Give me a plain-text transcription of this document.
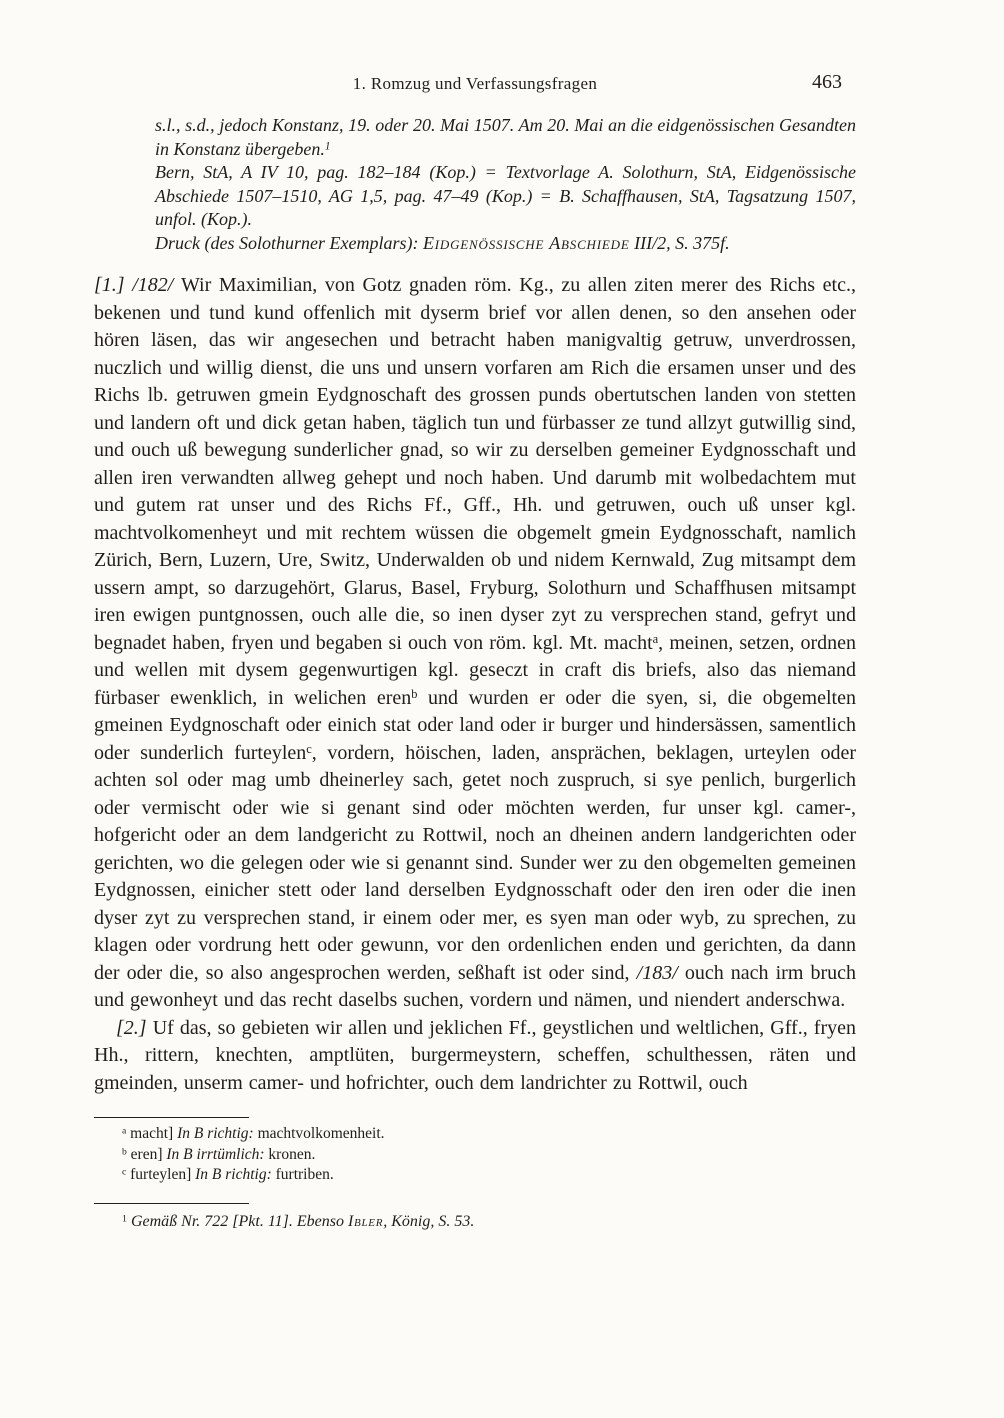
1. Romzug und Verfassungsfragen	463

s.l., s.d., jedoch Konstanz, 19. oder 20. Mai 1507. Am 20. Mai an die eidgenössischen Gesandten in Konstanz übergeben.$^1$

Bern, StA, A IV 10, pag. 182–184 (Kop.) = Textvorlage A. Solothurn, StA, Eidgenössische Abschiede 1507–1510, AG 1,5, pag. 47–49 (Kop.) = B. Schaffhausen, StA, Tagsatzung 1507, unfol. (Kop.).

Druck (des Solothurner Exemplars): Eidgenössische Abschiede III/2, S. 375f.

[1.] /182/ Wir Maximilian, von Gotz gnaden röm. Kg., zu allen ziten merer des Richs etc., bekenen und tund kund offenlich mit dyserm brief vor allen denen, so den ansehen oder hören läsen, das wir angesechen und betracht haben manigvaltig getruw, unverdrossen, nuczlich und willig dienst, die uns und unsern vorfaren am Rich die ersamen unser und des Richs lb. getruwen gmein Eydgnoschaft des grossen punds obertutschen landen von stetten und landern oft und dick getan haben, täglich tun und fürbasser ze tund allzyt gutwillig sind, und ouch uß bewegung sunderlicher gnad, so wir zu derselben gemeiner Eydgnosschaft und allen iren verwandten allweg gehept und noch haben. Und darumb mit wolbedachtem mut und gutem rat unser und des Richs Ff., Gff., Hh. und getruwen, ouch uß unser kgl. machtvolkomenheyt und mit rechtem wüssen die obgemelt gmein Eydgnosschaft, namlich Zürich, Bern, Luzern, Ure, Switz, Underwalden ob und nidem Kernwald, Zug mitsampt dem ussern ampt, so darzugehört, Glarus, Basel, Fryburg, Solothurn und Schaffhusen mitsampt iren ewigen puntgnossen, ouch alle die, so inen dyser zyt zu versprechen stand, gefryt und begnadet haben, fryen und begaben si ouch von röm. kgl. Mt. macht$^a$, meinen, setzen, ordnen und wellen mit dysem gegenwurtigen kgl. geseczt in craft dis briefs, also das niemand fürbaser ewenklich, in welichen eren$^b$ und wurden er oder die syen, si, die obgemelten gmeinen Eydgnoschaft oder einich stat oder land oder ir burger und hindersässen, samentlich oder sunderlich furteylen$^c$, vordern, höischen, laden, ansprächen, beklagen, urteylen oder achten sol oder mag umb dheinerley sach, getet noch zuspruch, si sye penlich, burgerlich oder vermischt oder wie si genant sind oder möchten werden, fur unser kgl. camer-, hofgericht oder an dem landgericht zu Rottwil, noch an dheinen andern landgerichten oder gerichten, wo die gelegen oder wie si genannt sind. Sunder wer zu den obgemelten gemeinen Eydgnossen, einicher stett oder land derselben Eydgnosschaft oder den iren oder die inen dyser zyt zu versprechen stand, ir einem oder mer, es syen man oder wyb, zu sprechen, zu klagen oder vordrung hett oder gewunn, vor den ordenlichen enden und gerichten, da dann der oder die, so also angesprochen werden, seßhaft ist oder sind, /183/ ouch nach irm bruch und gewonheyt und das recht daselbs suchen, vordern und nämen, und niendert anderschwa.

[2.] Uf das, so gebieten wir allen und jeklichen Ff., geystlichen und weltlichen, Gff., fryen Hh., rittern, knechten, amptlüten, burgermeystern, scheffen, schulthessen, räten und gmeinden, unserm camer- und hofrichter, ouch dem landrichter zu Rottwil, ouch

$^a$ macht] In B richtig: machtvolkomenheit.

$^b$ eren] In B irrtümlich: kronen.

$^c$ furteylen] In B richtig: furtriben.

$^1$ Gemäß Nr. 722 [Pkt. 11]. Ebenso Ibler, König, S. 53.
